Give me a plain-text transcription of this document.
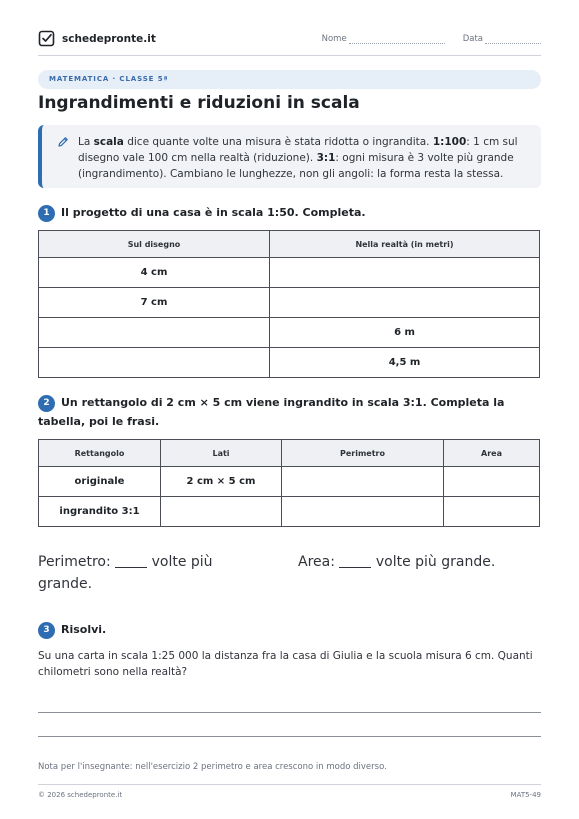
schedepronte.it	Nome	Data
MATEMATICA · CLASSE 5ª
Ingrandimenti e riduzioni in scala
La scala dice quante volte una misura è stata ridotta o ingrandita. 1:100: 1 cm sul disegno vale 100 cm nella realtà (riduzione). 3:1: ogni misura è 3 volte più grande (ingrandimento). Cambiano le lunghezze, non gli angoli: la forma resta la stessa.
1 Il progetto di una casa è in scala 1:50. Completa.
Sul disegno	Nella realtà (in metri)
4 cm	
7 cm	
	6 m
	4,5 m
2 Un rettangolo di 2 cm × 5 cm viene ingrandito in scala 3:1. Completa la tabella, poi le frasi.
Rettangolo	Lati	Perimetro	Area
originale	2 cm × 5 cm		
ingrandito 3:1			
Perimetro:	volte più grande.
Area:	volte più grande.
3 Risolvi.
Su una carta in scala 1:25 000 la distanza fra la casa di Giulia e la scuola misura 6 cm. Quanti chilometri sono nella realtà?
Nota per l'insegnante: nell'esercizio 2 perimetro e area crescono in modo diverso.
© 2026 schedepronte.it	MAT5-49
